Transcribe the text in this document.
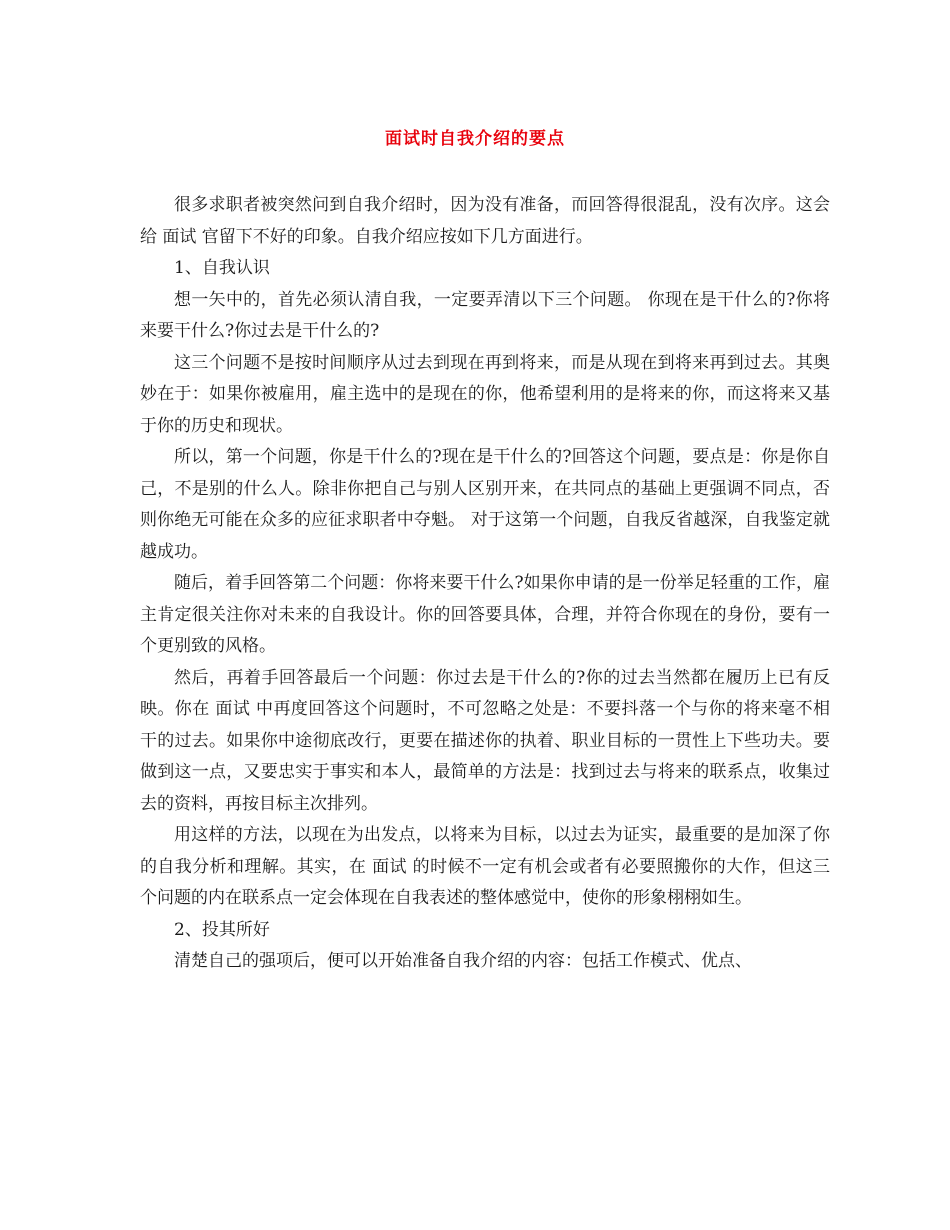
面试时自我介绍的要点

很多求职者被突然问到自我介绍时，因为没有准备，而回答得很混乱，没有次序。这会给 面试 官留下不好的印象。自我介绍应按如下几方面进行。

1、自我认识

想一矢中的，首先必须认清自我，一定要弄清以下三个问题。 你现在是干什么的?你将来要干什么?你过去是干什么的?

这三个问题不是按时间顺序从过去到现在再到将来，而是从现在到将来再到过去。其奥妙在于：如果你被雇用，雇主选中的是现在的你，他希望利用的是将来的你，而这将来又基于你的历史和现状。

所以，第一个问题，你是干什么的?现在是干什么的?回答这个问题，要点是：你是你自己，不是别的什么人。除非你把自己与别人区别开来，在共同点的基础上更强调不同点，否则你绝无可能在众多的应征求职者中夺魁。 对于这第一个问题，自我反省越深，自我鉴定就越成功。

随后，着手回答第二个问题：你将来要干什么?如果你申请的是一份举足轻重的工作，雇主肯定很关注你对未来的自我设计。你的回答要具体，合理，并符合你现在的身份，要有一个更别致的风格。

然后，再着手回答最后一个问题：你过去是干什么的?你的过去当然都在履历上已有反映。你在 面试 中再度回答这个问题时，不可忽略之处是：不要抖落一个与你的将来毫不相干的过去。如果你中途彻底改行，更要在描述你的执着、职业目标的一贯性上下些功夫。要做到这一点，又要忠实于事实和本人，最简单的方法是：找到过去与将来的联系点，收集过去的资料，再按目标主次排列。

用这样的方法，以现在为出发点，以将来为目标，以过去为证实，最重要的是加深了你的自我分析和理解。其实，在 面试 的时候不一定有机会或者有必要照搬你的大作，但这三个问题的内在联系点一定会体现在自我表述的整体感觉中，使你的形象栩栩如生。

2、投其所好

清楚自己的强项后，便可以开始准备自我介绍的内容：包括工作模式、优点、
